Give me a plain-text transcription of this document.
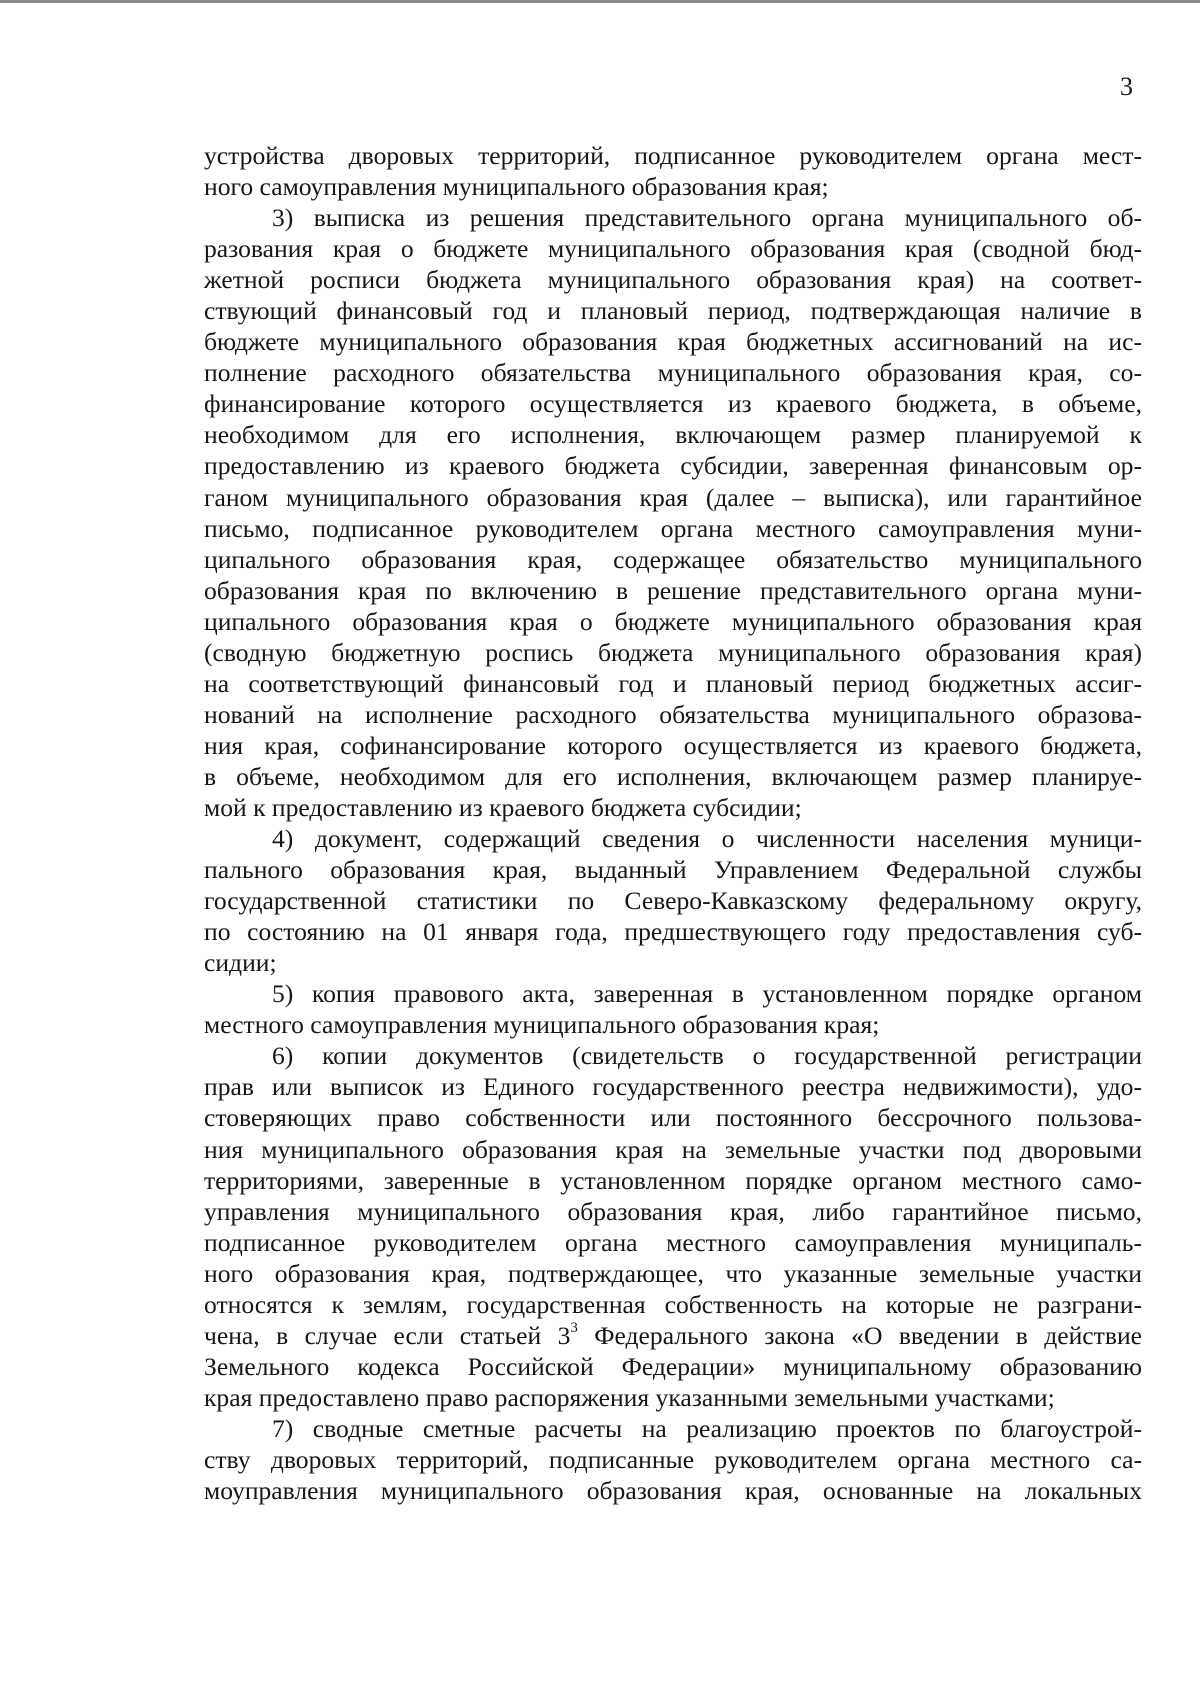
3
устройства дворовых территорий, подписанное руководителем органа мест-
ного самоуправления муниципального образования края;
3) выписка из решения представительного органа муниципального об-
разования края о бюджете муниципального образования края (сводной бюд-
жетной росписи бюджета муниципального образования края) на соответ-
ствующий финансовый год и плановый период, подтверждающая наличие в
бюджете муниципального образования края бюджетных ассигнований на ис-
полнение расходного обязательства муниципального образования края, со-
финансирование которого осуществляется из краевого бюджета, в объеме,
необходимом для его исполнения, включающем размер планируемой к
предоставлению из краевого бюджета субсидии, заверенная финансовым ор-
ганом муниципального образования края (далее – выписка), или гарантийное
письмо, подписанное руководителем органа местного самоуправления муни-
ципального образования края, содержащее обязательство муниципального
образования края по включению в решение представительного органа муни-
ципального образования края о бюджете муниципального образования края
(сводную бюджетную роспись бюджета муниципального образования края)
на соответствующий финансовый год и плановый период бюджетных ассиг-
нований на исполнение расходного обязательства муниципального образова-
ния края, софинансирование которого осуществляется из краевого бюджета,
в объеме, необходимом для его исполнения, включающем размер планируе-
мой к предоставлению из краевого бюджета субсидии;
4) документ, содержащий сведения о численности населения муници-
пального образования края, выданный Управлением Федеральной службы
государственной статистики по Северо-Кавказскому федеральному округу,
по состоянию на 01 января года, предшествующего году предоставления суб-
сидии;
5) копия правового акта, заверенная в установленном порядке органом
местного самоуправления муниципального образования края;
6) копии документов (свидетельств о государственной регистрации
прав или выписок из Единого государственного реестра недвижимости), удо-
стоверяющих право собственности или постоянного бессрочного пользова-
ния муниципального образования края на земельные участки под дворовыми
территориями, заверенные в установленном порядке органом местного само-
управления муниципального образования края, либо гарантийное письмо,
подписанное руководителем органа местного самоуправления муниципаль-
ного образования края, подтверждающее, что указанные земельные участки
относятся к землям, государственная собственность на которые не разграни-
чена, в случае если статьей $3^3$ Федерального закона «О введении в действие
Земельного кодекса Российской Федерации» муниципальному образованию
края предоставлено право распоряжения указанными земельными участками;
7) сводные сметные расчеты на реализацию проектов по благоустрой-
ству дворовых территорий, подписанные руководителем органа местного са-
моуправления муниципального образования края, основанные на локальных
